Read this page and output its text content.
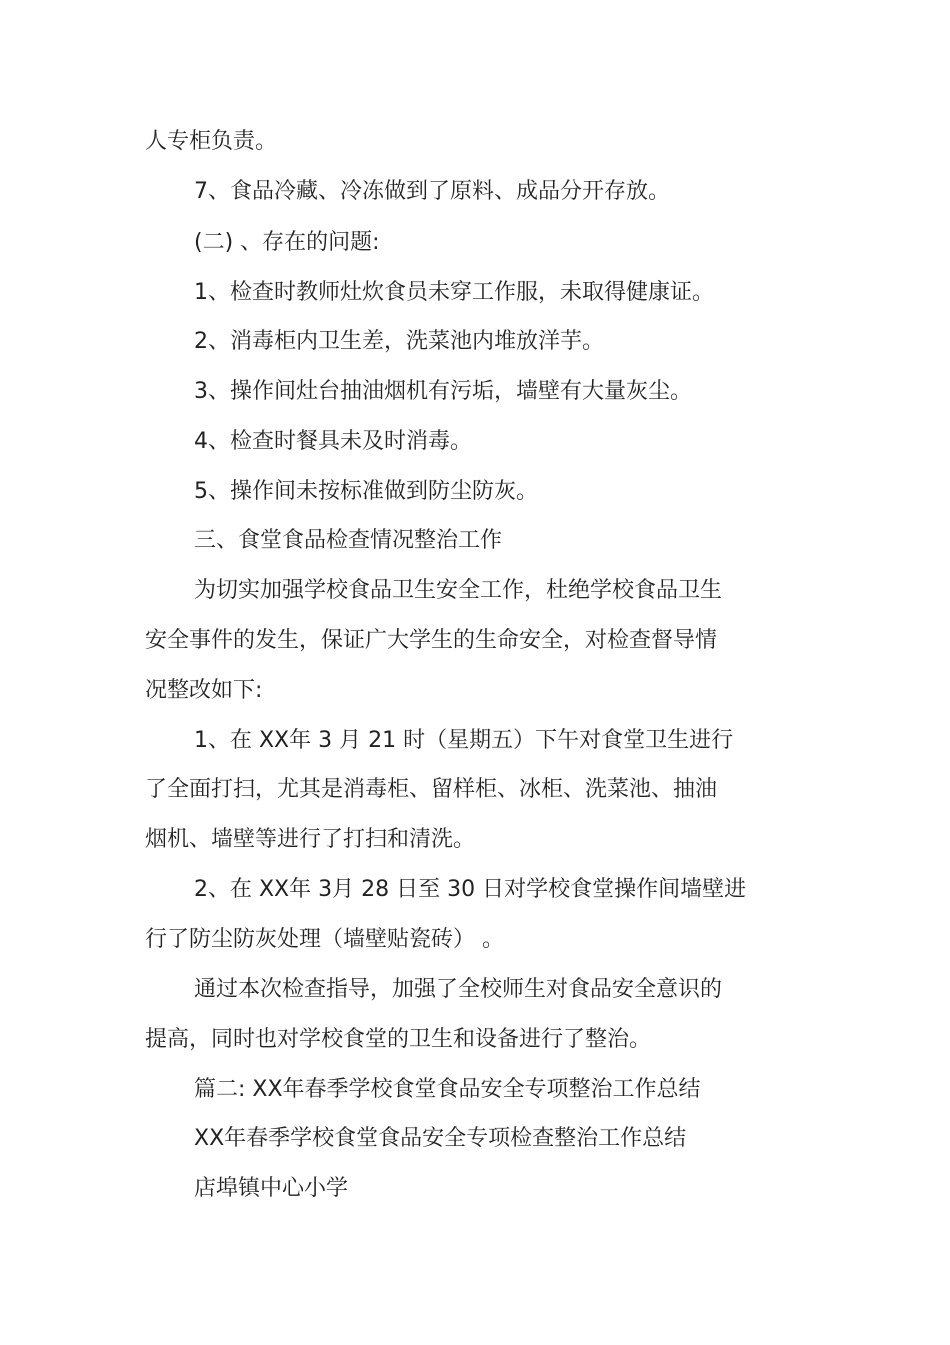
人专柜负责。
7、食品冷藏、冷冻做到了原料、成品分开存放。
(二) 、存在的问题:
1、检查时教师灶炊食员未穿工作服，未取得健康证。
2、消毒柜内卫生差，洗菜池内堆放洋芋。
3、操作间灶台抽油烟机有污垢，墙壁有大量灰尘。
4、检查时餐具未及时消毒。
5、操作间未按标准做到防尘防灰。
三、食堂食品检查情况整治工作
为切实加强学校食品卫生安全工作，杜绝学校食品卫生
安全事件的发生，保证广大学生的生命安全，对检查督导情
况整改如下:
1、在 XX年 3 月 21 时（星期五）下午对食堂卫生进行
了全面打扫，尤其是消毒柜、留样柜、冰柜、洗菜池、抽油
烟机、墙壁等进行了打扫和清洗。
2、在 XX年 3月 28 日至 30 日对学校食堂操作间墙壁进
行了防尘防灰处理（墙壁贴瓷砖） 。
通过本次检查指导，加强了全校师生对食品安全意识的
提高，同时也对学校食堂的卫生和设备进行了整治。
篇二: XX年春季学校食堂食品安全专项整治工作总结
XX年春季学校食堂食品安全专项检查整治工作总结
店埠镇中心小学
